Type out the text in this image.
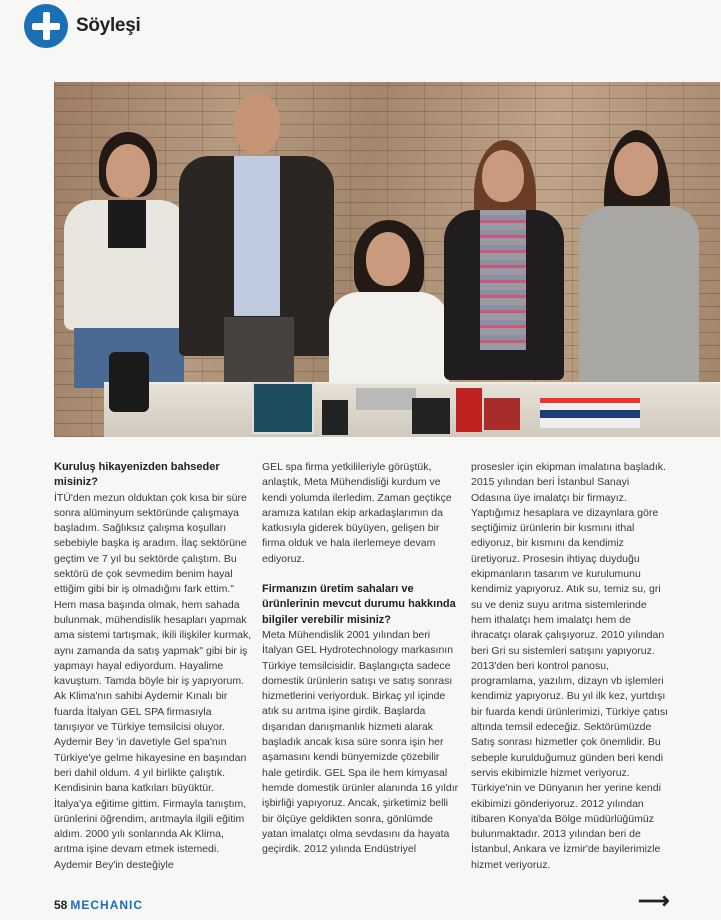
Söyleşi
Kuruluş hikayenizden bahseder misiniz?

İTÜ'den mezun olduktan çok kısa bir süre sonra alüminyum sektöründe çalışmaya başladım. Sağlıksız çalışma koşulları sebebiyle başka iş aradım. İlaç sektörüne geçtim ve 7 yıl bu sektörde çalıştım. Bu sektörü de çok sevmedim benim hayal ettiğim gibi bir iş olmadığını fark ettim." Hem masa başında olmak, hem sahada bulunmak, mühendislik hesapları yapmak ama sistemi tartışmak, ikili ilişkiler kurmak, aynı zamanda da satış yapmak" gibi bir iş yapmayı hayal ediyordum. Hayalime kavuştum. Tamda böyle bir iş yapıyorum. Ak Klima'nın sahibi Aydemir Kınalı bir fuarda İtalyan GEL SPA firmasıyla tanışıyor ve Türkiye temsilcisi oluyor. Aydemir Bey 'in davetiyle Gel spa'nın Türkiye'ye gelme hikayesine en başından beri dahil oldum. 4 yıl birlikte çalıştık. Kendisinin bana katkıları büyüktür. İtalya'ya eğitime gittim. Firmayla tanıştım, ürünlerini öğrendim, arıtmayla ilgili eğitim aldım. 2000 yılı sonlarında Ak Klima, arıtma işine devam etmek istemedi. Aydemir Bey'in desteğiyle

GEL spa firma yetkilileriyle görüştük, anlaştık, Meta Mühendisliği kurdum ve kendi yolumda ilerledim. Zaman geçtikçe aramıza katılan ekip arkadaşlarımın da katkısıyla giderek büyüyen, gelişen bir firma olduk ve hala ilerlemeye devam ediyoruz.

Firmanızın üretim sahaları ve ürünlerinin mevcut durumu hakkında bilgiler verebilir misiniz?

Meta Mühendislik 2001 yılından beri İtalyan GEL Hydrotechnology markasının Türkiye temsilcisidir. Başlangıçta sadece domestik ürünlerin satışı ve satış sonrası hizmetlerini veriyorduk. Birkaç yıl içinde atık su arıtma işine girdik. Başlarda dışarıdan danışmanlık hizmeti alarak başladık ancak kısa süre sonra işin her aşamasını kendi bünyemizde çözebilir hale getirdik. GEL Spa ile hem kimyasal hemde domestik ürünler alanında 16 yıldır işbirliği yapıyoruz. Ancak, şirketimiz belli bir ölçüye geldikten sonra, gönlümde yatan imalatçı olma sevdasını da hayata geçirdik. 2012 yılında Endüstriyel

prosesler için ekipman imalatına başladık. 2015 yılından beri İstanbul Sanayi Odasına üye imalatçı bir firmayız. Yaptığımız hesaplara ve dizaynlara göre seçtiğimiz ürünlerin bir kısmını ithal ediyoruz, bir kısmını da kendimiz üretiyoruz. Prosesin ihtiyaç duyduğu ekipmanların tasarım ve kurulumunu kendimiz yapıyoruz. Atık su, temiz su, gri su ve deniz suyu arıtma sistemlerinde hem ithalatçı hem imalatçı hem de ihracatçı olarak çalışıyoruz. 2010 yılından beri Gri su sistemleri satışını yapıyoruz. 2013'den beri kontrol panosu, programlama, yazılım, dizayn vb işlemleri kendimiz yapıyoruz. Bu yıl ilk kez, yurtdışı bir fuarda kendi ürünlerimizi, Türkiye çatısı altında temsil edeceğiz. Sektörümüzde Satış sonrası hizmetler çok önemlidir. Bu sebeple kurulduğumuz günden beri kendi servis ekibimizle hizmet veriyoruz. Türkiye'nin ve Dünyanın her yerine kendi ekibimizi gönderiyoruz. 2012 yılından itibaren Konya'da Bölge müdürlüğümüz bulunmaktadır. 2013 yılından beri de İstanbul, Ankara ve İzmir'de bayilerimizle hizmet veriyoruz.

58 MECHANIC	⟶
